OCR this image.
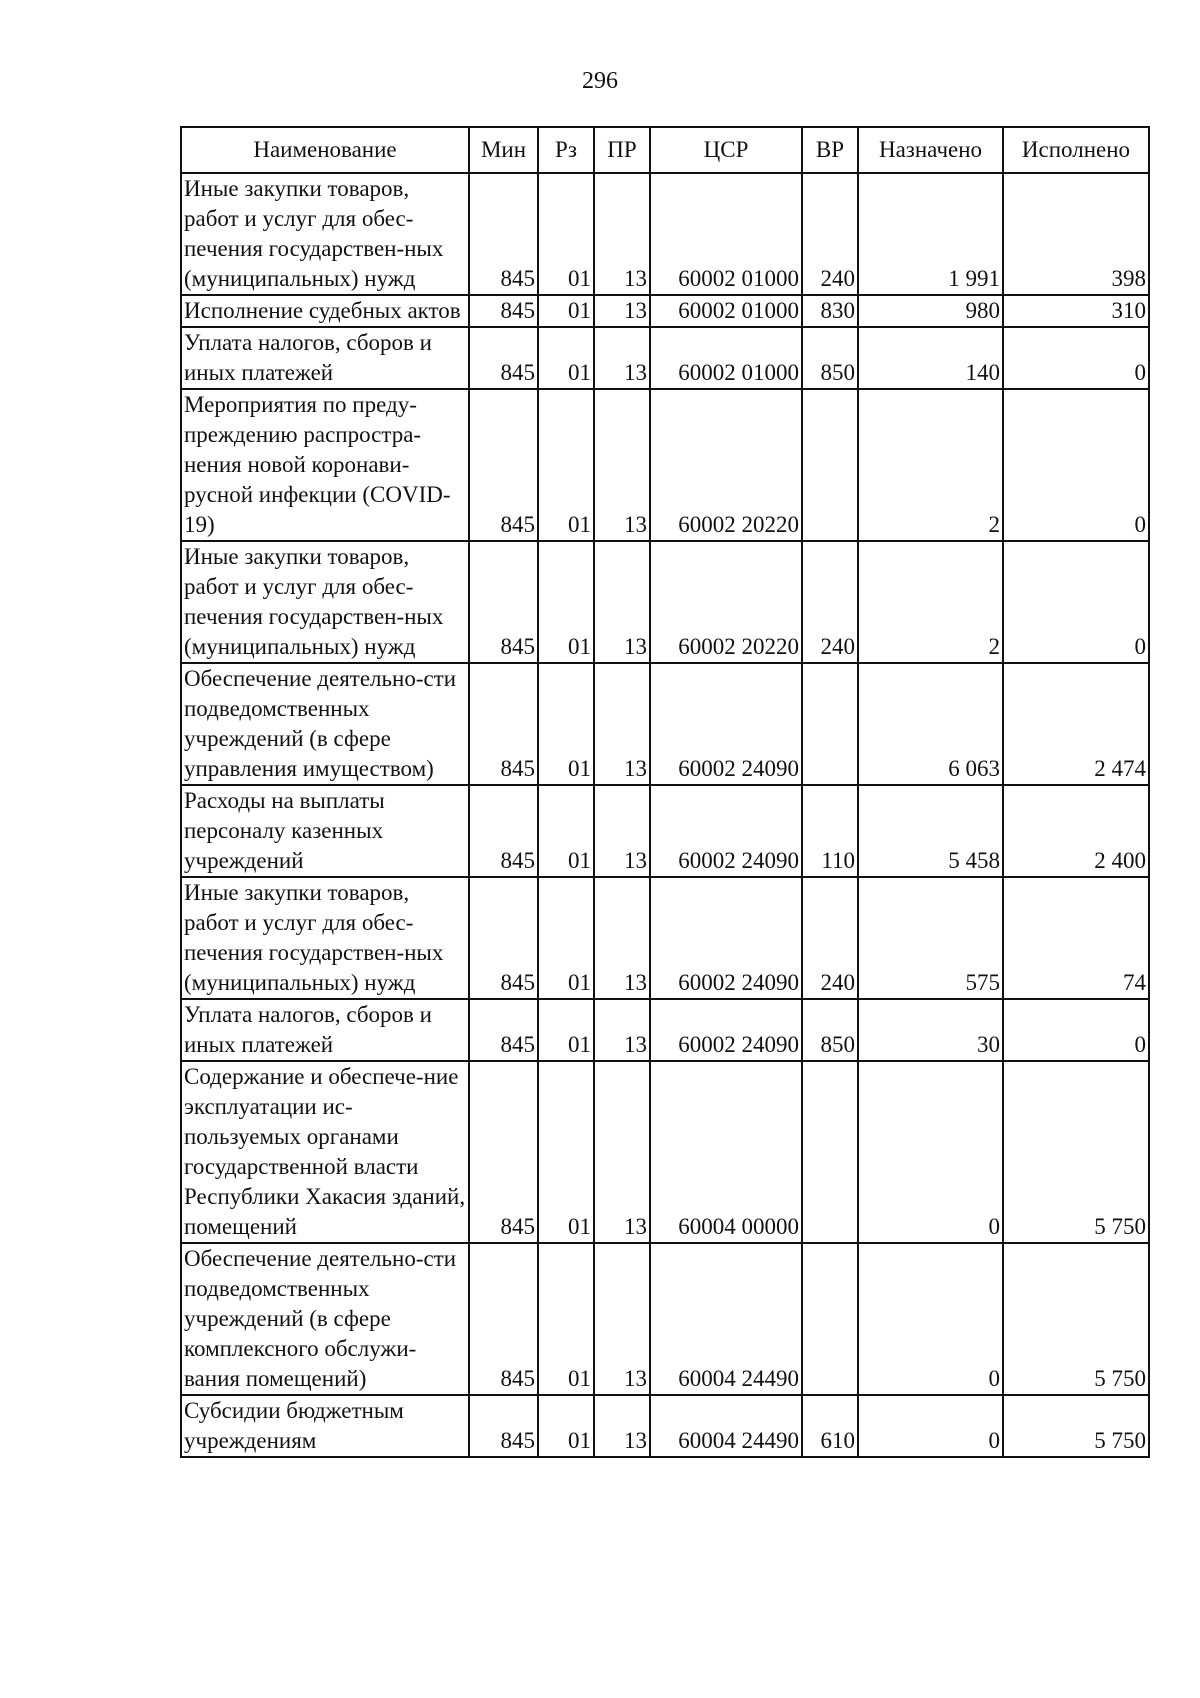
296
Наименование	Мин	Рз	ПР	ЦСР	ВР	Назначено	Исполнено
Иные закупки товаров, работ и услуг для обес-печения государствен-ных (муниципальных) нужд	845	01	13	60002 01000	240	1 991	398
Исполнение судебных актов	845	01	13	60002 01000	830	980	310
Уплата налогов, сборов и иных платежей	845	01	13	60002 01000	850	140	0
Мероприятия по преду-преждению распростра-нения новой коронави-русной инфекции (COVID-19)	845	01	13	60002 20220		2	0
Иные закупки товаров, работ и услуг для обес-печения государствен-ных (муниципальных) нужд	845	01	13	60002 20220	240	2	0
Обеспечение деятельно-сти подведомственных учреждений (в сфере управления имуществом)	845	01	13	60002 24090		6 063	2 474
Расходы на выплаты персоналу казенных учреждений	845	01	13	60002 24090	110	5 458	2 400
Иные закупки товаров, работ и услуг для обес-печения государствен-ных (муниципальных) нужд	845	01	13	60002 24090	240	575	74
Уплата налогов, сборов и иных платежей	845	01	13	60002 24090	850	30	0
Содержание и обеспече-ние эксплуатации ис-пользуемых органами государственной власти Республики Хакасия зданий, помещений	845	01	13	60004 00000		0	5 750
Обеспечение деятельно-сти подведомственных учреждений (в сфере комплексного обслужи-вания помещений)	845	01	13	60004 24490		0	5 750
Субсидии бюджетным учреждениям	845	01	13	60004 24490	610	0	5 750
